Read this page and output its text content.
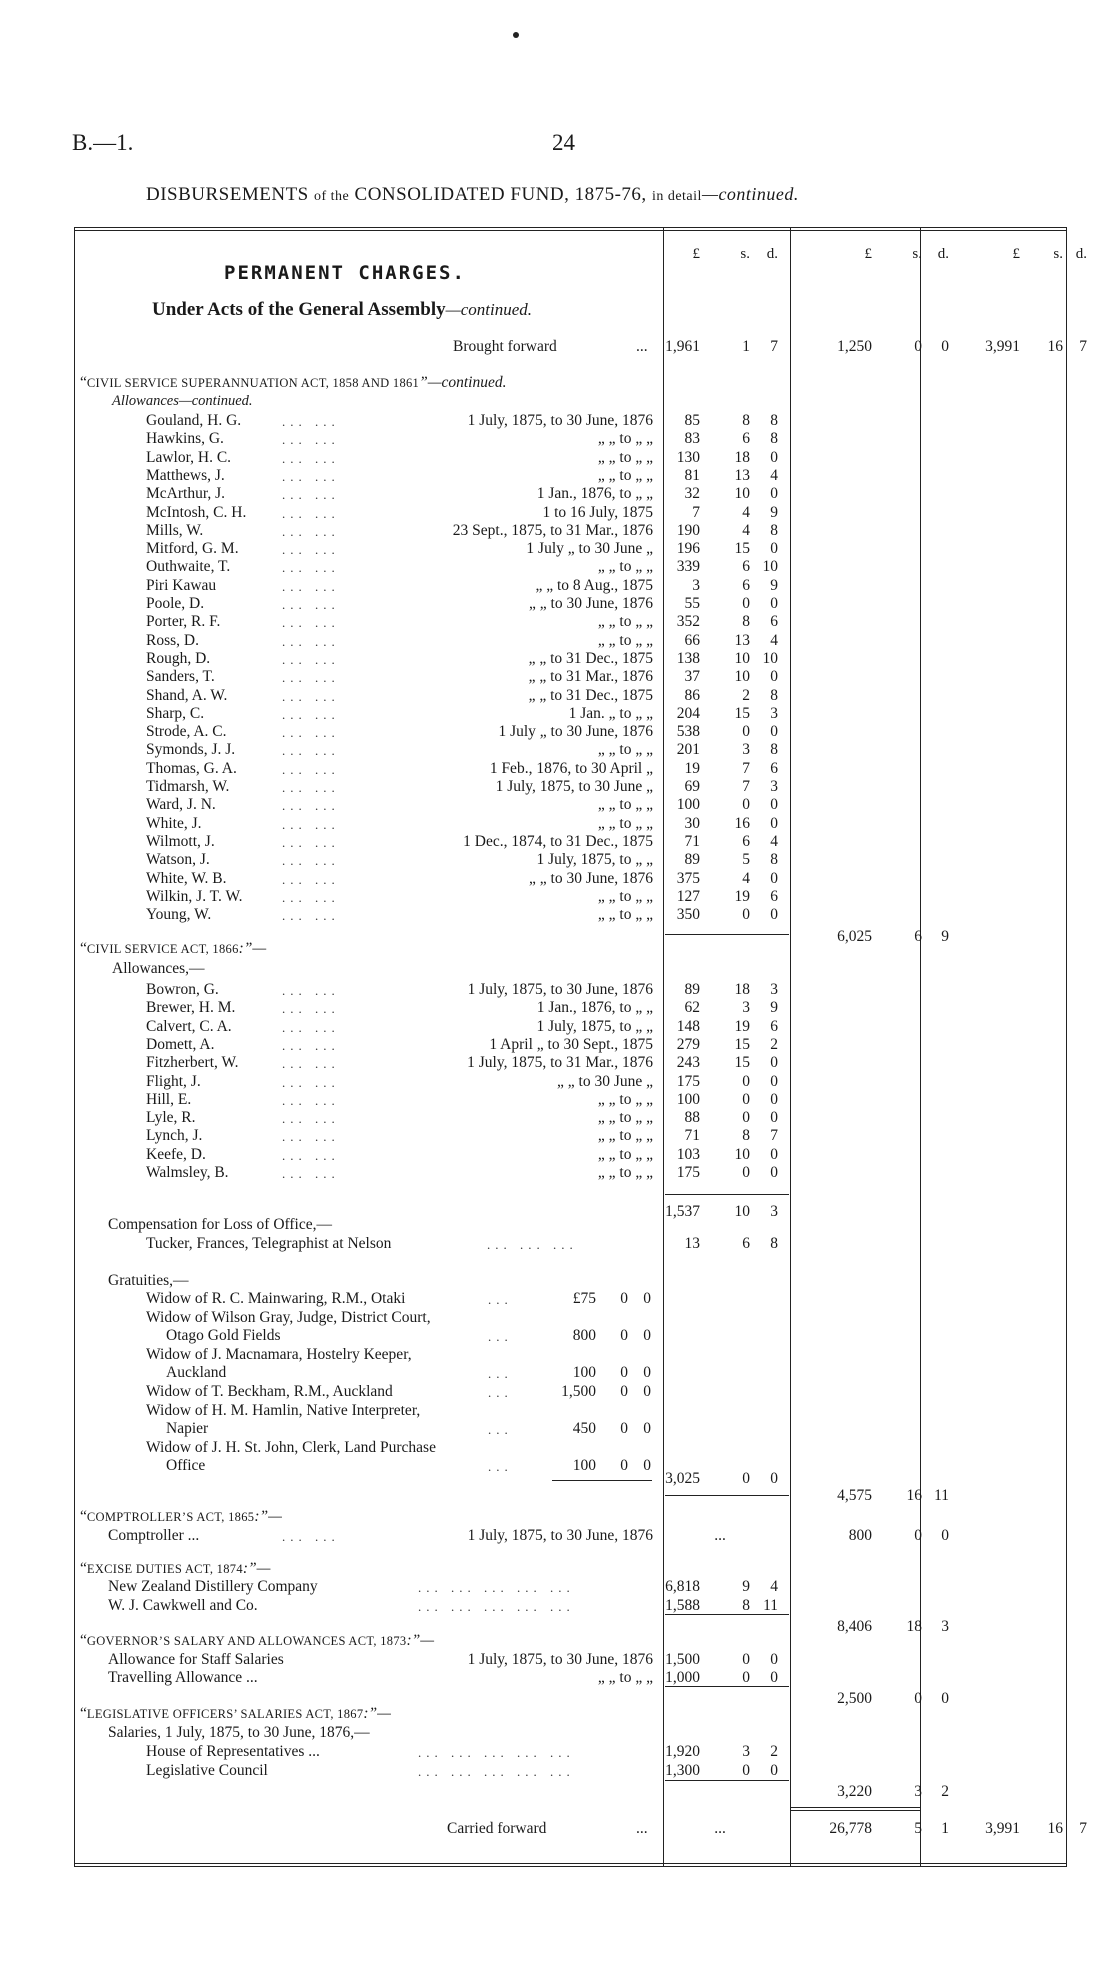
B.—1.	24
DISBURSEMENTS of the CONSOLIDATED FUND, 1875-76, in detail—continued.
£	s.	d.	£	s.	d.	£	s. d.
PERMANENT CHARGES.
Under Acts of the General Assembly—continued.
Brought forward	...	1,961	1	7	1,250	0	0	3,991	16	7
“CIVIL SERVICE SUPERANNUATION ACT, 1858 AND 1861”—continued.
Allowances—continued.
Gouland, H. G.	... ...	1 July, 1875, to 30 June, 1876	85	8	8
Hawkins, G.	... ...	„ „ to „ „	83	6	8
Lawlor, H. C.	... ...	„ „ to „ „	130	18	0
Matthews, J.	... ...	„ „ to „ „	81	13	4
McArthur, J.	... ...	1 Jan., 1876, to „ „	32	10	0
McIntosh, C. H.	... ...	1 to 16 July, 1875	7	4	9
Mills, W.	... ...	23 Sept., 1875, to 31 Mar., 1876	190	4	8
Mitford, G. M.	... ...	1 July „ to 30 June „	196	15	0
Outhwaite, T.	... ...	„ „ to „ „	339	6 10
Piri Kawau	... ...	„ „ to 8 Aug., 1875	3	6	9
Poole, D.	... ...	„ „ to 30 June, 1876	55	0	0
Porter, R. F.	... ...	„ „ to „ „	352	8	6
Ross, D.	... ...	„ „ to „ „	66	13	4
Rough, D.	... ...	„ „ to 31 Dec., 1875	138	10 10
Sanders, T.	... ...	„ „ to 31 Mar., 1876	37	10	0
Shand, A. W.	... ...	„ „ to 31 Dec., 1875	86	2	8
Sharp, C.	... ...	1 Jan. „ to „ „	204	15	3
Strode, A. C.	... ...	1 July „ to 30 June, 1876	538	0	0
Symonds, J. J.	... ...	„ „ to „ „	201	3	8
Thomas, G. A.	... ...	1 Feb., 1876, to 30 April „	19	7	6
Tidmarsh, W.	... ...	1 July, 1875, to 30 June „	69	7	3
Ward, J. N.	... ...	„ „ to „ „	100	0	0
White, J.	... ...	„ „ to „ „	30	16	0
Wilmott, J.	... ...	1 Dec., 1874, to 31 Dec., 1875	71	6	4
Watson, J.	... ...	1 July, 1875, to „ „	89	5	8
White, W. B.	... ...	„ „ to 30 June, 1876	375	4	0
Wilkin, J. T. W.	... ...	„ „ to „ „	127	19	6
Young, W.	... ...	„ „ to „ „	350	0	0
6,025	6	9
“CIVIL SERVICE ACT, 1866:”—
Allowances,—
Bowron, G.	... ...	1 July, 1875, to 30 June, 1876	89	18	3
Brewer, H. M.	... ...	1 Jan., 1876, to „ „	62	3	9
Calvert, C. A.	... ...	1 July, 1875, to „ „	148	19	6
Domett, A.	... ...	1 April „ to 30 Sept., 1875	279	15	2
Fitzherbert, W.	... ...	1 July, 1875, to 31 Mar., 1876	243	15	0
Flight, J.	... ...	„ „ to 30 June „	175	0	0
Hill, E.	... ...	„ „ to „ „	100	0	0
Lyle, R.	... ...	„ „ to „ „	88	0	0
Lynch, J.	... ...	„ „ to „ „	71	8	7
Keefe, D.	... ...	„ „ to „ „	103	10	0
Walmsley, B.	... ...	„ „ to „ „	175	0	0
1,537	10	3
Compensation for Loss of Office,—
Tucker, Frances, Telegraphist at Nelson	... ... ...	13	6	8
Gratuities,—
Widow of R. C. Mainwaring, R.M., Otaki	...	£75	0 0
Widow of Wilson Gray, Judge, District Court,
Otago Gold Fields	...	800	0 0
Widow of J. Macnamara, Hostelry Keeper,
Auckland	...	100	0 0
Widow of T. Beckham, R.M., Auckland	...	1,500	0 0
Widow of H. M. Hamlin, Native Interpreter,
Napier	...	450	0 0
Widow of J. H. St. John, Clerk, Land Purchase
Office	...	100	0 0
3,025	0	0
4,575	16 11
“COMPTROLLER’S ACT, 1865:”—
Comptroller ...	... ...	1 July, 1875, to 30 June, 1876	...	800	0	0
“EXCISE DUTIES ACT, 1874:”—
New Zealand Distillery Company	... ... ... ... ...	6,818	9	4
W. J. Cawkwell and Co.	... ... ... ... ...	1,588	8 11
8,406	18	3
“GOVERNOR’S SALARY AND ALLOWANCES ACT, 1873:”—
Allowance for Staff Salaries	1 July, 1875, to 30 June, 1876 1,500	0	0
Travelling Allowance ...	„ „ to „ „ 1,000	0	0
2,500	0	0
“LEGISLATIVE OFFICERS’ SALARIES ACT, 1867:”—
Salaries, 1 July, 1875, to 30 June, 1876,—
House of Representatives ...	... ... ... ... ...	1,920	3	2
Legislative Council	... ... ... ... ...	1,300	0	0
3,220	3	2
Carried forward	...	...	26,778	5	1	3,991	16	7
